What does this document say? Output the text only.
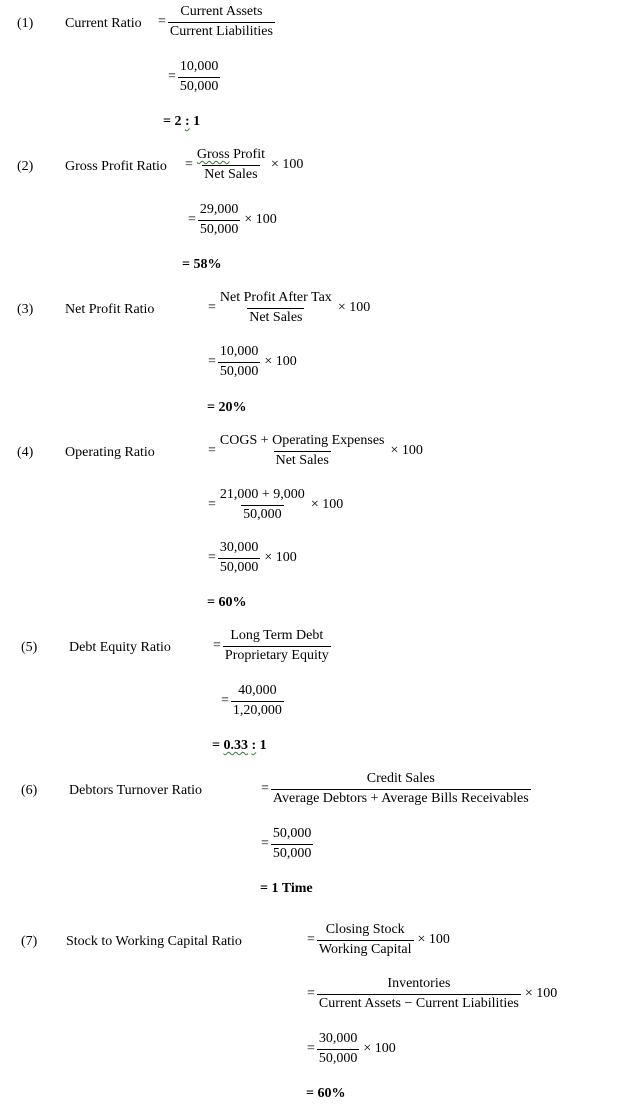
(1) Current Ratio = $\frac{\text{Current Assets}}{\text{Current Liabilities}}$
= $\frac{10,000}{50,000}$
= 2 : 1
(2) Gross Profit Ratio = $\frac{\text{Gross Profit}}{\text{Net Sales}} \times 100$
= $\frac{29,000}{50,000} \times 100$
= 58%
(3) Net Profit Ratio	= $\frac{\text{Net Profit After Tax}}{\text{Net Sales}} \times 100$
= $\frac{10,000}{50,000} \times 100$
= 20%
(4) Operating Ratio	= $\frac{\text{COGS + Operating Expenses}}{\text{Net Sales}} \times 100$
= $\frac{21,000 + 9,000}{50,000} \times 100$
= $\frac{30,000}{50,000} \times 100$
= 60%
(5) Debt Equity Ratio	= $\frac{\text{Long Term Debt}}{\text{Proprietary Equity}}$
= $\frac{40,000}{1,20,000}$
= 0.33 : 1
(6) Debtors Turnover Ratio	= $\frac{\text{Credit Sales}}{\text{Average Debtors + Average Bills Receivables}}$
= $\frac{50,000}{50,000}$
= 1 Time
(7) Stock to Working Capital Ratio	= $\frac{\text{Closing Stock}}{\text{Working Capital}} \times 100$
= $\frac{\text{Inventories}}{\text{Current Assets − Current Liabilities}} \times 100$
= $\frac{30,000}{50,000} \times 100$
= 60%
